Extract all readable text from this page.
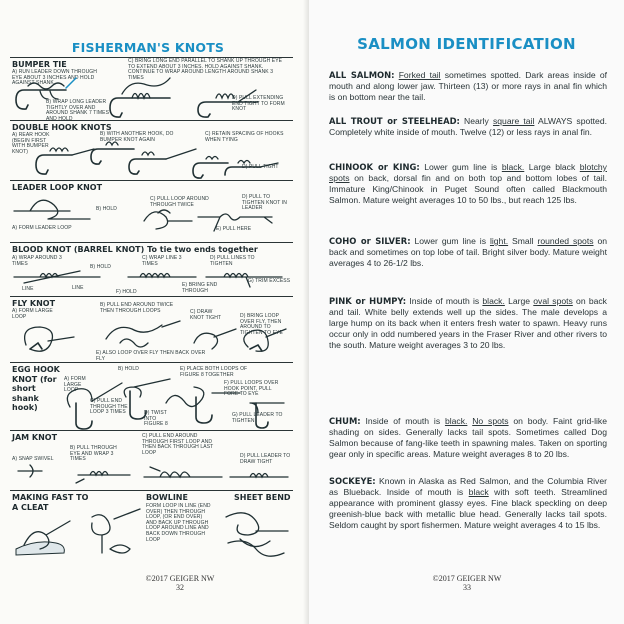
FISHERMAN'S KNOTS
BUMPER TIE
A) RUN LEADER DOWN THROUGH EYE ABOUT 3 INCHES AND HOLD AGAINST SHANK
B) WRAP LONG LEADER TIGHTLY OVER AND AROUND SHANK 7 TIMES AND HOLD
C) BRING LONG END PARALLEL TO SHANK UP THROUGH EYE TO EXTEND ABOUT 3 INCHES. HOLD AGAINST SHANK. CONTINUE TO WRAP AROUND LENGTH AROUND SHANK 3 TIMES
D) PULL EXTENDING END TIGHT TO FORM KNOT
DOUBLE HOOK KNOTS
A) REAR HOOK (BEGIN FIRST WITH BUMPER KNOT)
B) WITH ANOTHER HOOK, DO BUMPER KNOT AGAIN
C) RETAIN SPACING OF HOOKS WHEN TYING
D) PULL TIGHT
LEADER LOOP KNOT
A) FORM LEADER LOOP
B) HOLD
C) PULL LOOP AROUND THROUGH TWICE
D) PULL TO TIGHTEN KNOT IN LEADER
E) PULL HERE
BLOOD KNOT (BARREL KNOT) To tie two ends together
A) WRAP AROUND 3 TIMES
B) HOLD
C) WRAP LINE 3 TIMES
D) PULL LINES TO TIGHTEN
E) BRING END THROUGH
F) HOLD
G) TRIM EXCESS
LINE	LINE
FLY KNOT
A) FORM LARGE LOOP
B) PULL END AROUND TWICE THEN THROUGH LOOPS	C) DRAW KNOT TIGHT	D) BRING LOOP OVER FLY, THEN AROUND TO TIGHTEN TO EYE
E) ALSO LOOP OVER FLY THEN BACK OVER FLY
EGG HOOK KNOT (for short shank hook)
A) FORM LARGE LOOP
B) HOLD
C) PULL END THROUGH THE LOOP 3 TIMES	D) TWIST INTO FIGURE 8
E) PLACE BOTH LOOPS OF FIGURE 8 TOGETHER
F) PULL LOOPS OVER HOOK POINT, PULL FORE TO EYE
G) PULL LEADER TO TIGHTEN
JAM KNOT
A) SNAP SWIVEL
B) PULL THROUGH EYE AND WRAP 3 TIMES
C) PULL END AROUND THROUGH FIRST LOOP AND THEN BACK THROUGH LAST LOOP
D) PULL LEADER TO DRAW TIGHT
MAKING FAST TO A CLEAT
BOWLINE
FORM LOOP IN LINE (END OVER) THEN THROUGH LOOP, (OR END OVER) AND BACK UP THROUGH LOOP AROUND LINE AND BACK DOWN THROUGH LOOP
SHEET BEND
©2017 GEIGER NW
32
SALMON IDENTIFICATION
ALL SALMON: Forked tail sometimes spotted. Dark areas inside of mouth and along lower jaw. Thirteen (13) or more rays in anal fin which is on bottom near the tail.
ALL TROUT or STEELHEAD: Nearly square tail ALWAYS spotted. Completely white inside of mouth. Twelve (12) or less rays in anal fin.
CHINOOK or KING: Lower gum line is black. Large black blotchy spots on back, dorsal fin and on both top and bottom lobes of tail. Immature King/Chinook in Puget Sound often called Blackmouth Salmon. Mature weight averages 10 to 50 lbs., but reach 125 lbs.
COHO or SILVER: Lower gum line is light. Small rounded spots on back and sometimes on top lobe of tail. Bright silver body. Mature weight averages 4 to 26-1/2 lbs.
PINK or HUMPY: Inside of mouth is black. Large oval spots on back and tail. White belly extends well up the sides. The male develops a large hump on its back when it enters fresh water to spawn. Heavy runs occur only in odd numbered years in the Fraser River and other rivers to the south. Mature weight averages 3 to 20 lbs.
CHUM: Inside of mouth is black. No spots on body. Faint grid-like shading on sides. Generally lacks tail spots. Sometimes called Dog Salmon because of fang-like teeth in spawning males. Taken on sporting gear only in specific areas. Mature weight averages 8 to 20 lbs.
SOCKEYE: Known in Alaska as Red Salmon, and the Columbia River as Blueback. Inside of mouth is black with soft teeth. Streamlined appearance with prominent glassy eyes. Fine black speckling on deep greenish-blue back with metallic blue head. Generally lacks tail spots. Seldom caught by sport fishermen. Mature weight averages 4 to 15 lbs.
©2017 GEIGER NW
33
